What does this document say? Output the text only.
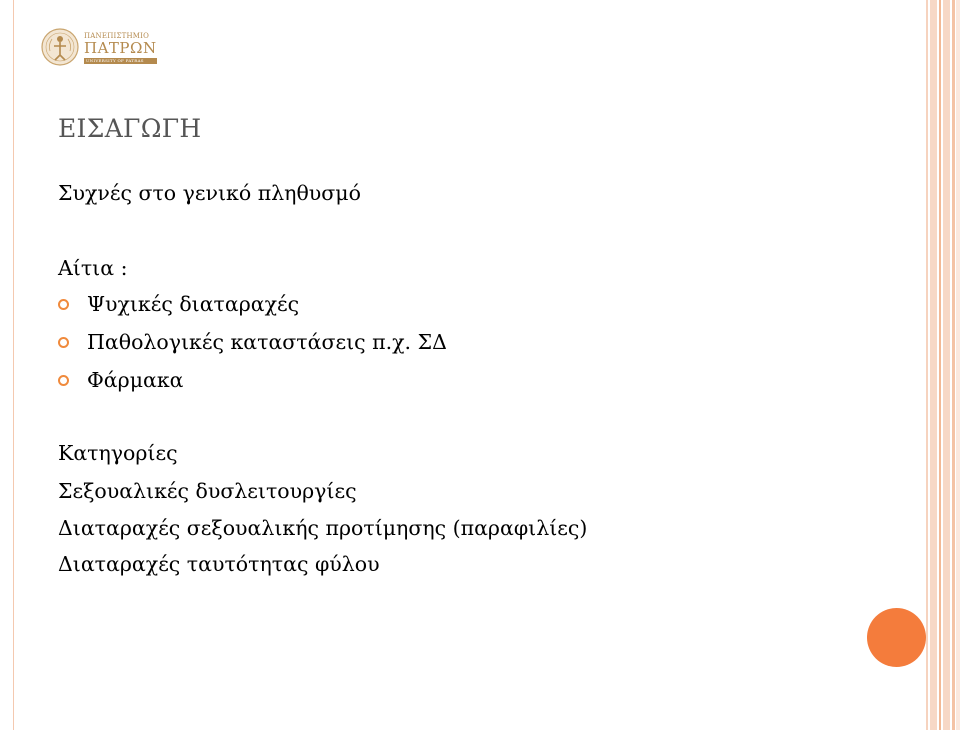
ΠΑΝΕΠΙΣΤΗΜΙΟ
ΠΑΤΡΩΝ
UNIVERSITY OF PATRAS
ΕΙΣΑΓΩΓΗ
Συχνές στο γενικό πληθυσμό
Αίτια :
Ψυχικές διαταραχές
Παθολογικές καταστάσεις π.χ. ΣΔ
Φάρμακα
Κατηγορίες
Σεξουαλικές δυσλειτουργίες
Διαταραχές σεξουαλικής προτίμησης (παραφιλίες)
Διαταραχές ταυτότητας φύλου
